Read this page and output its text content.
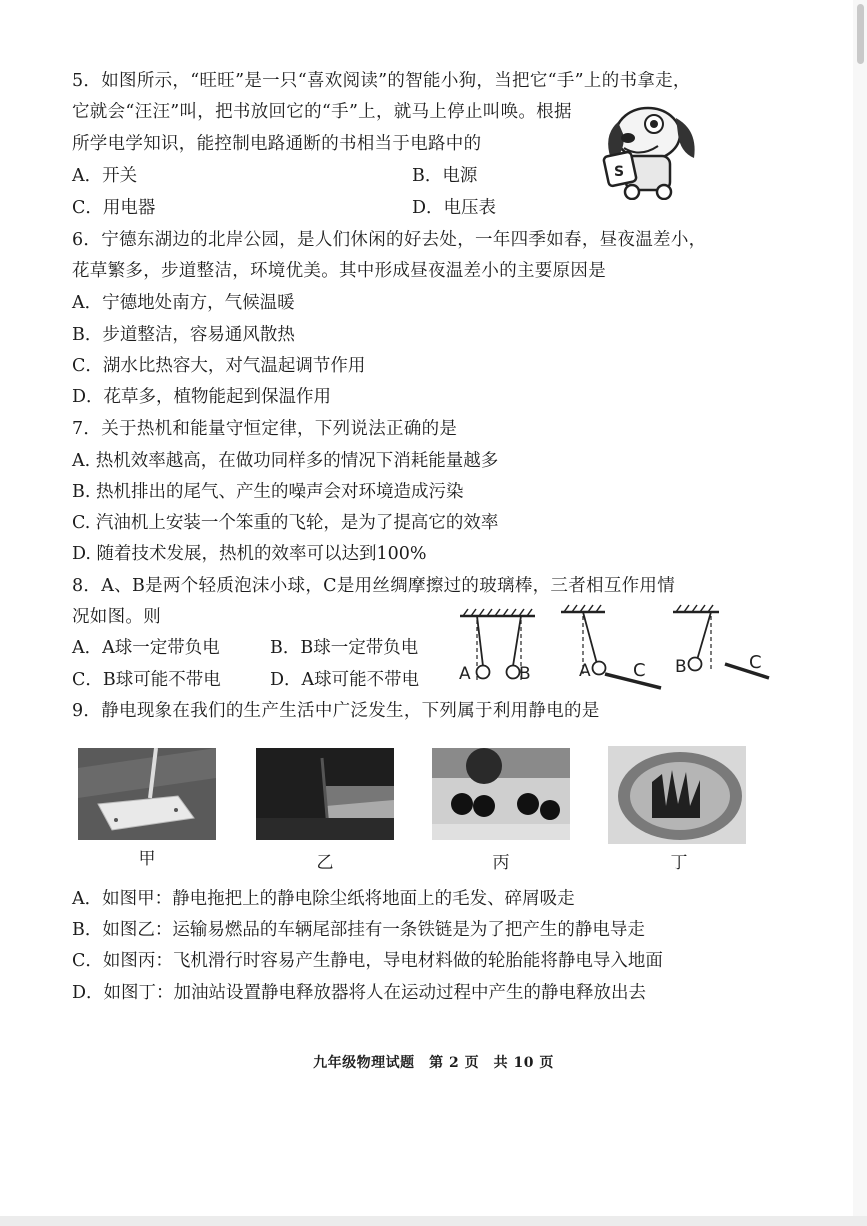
5．如图所示，“旺旺”是一只“喜欢阅读”的智能小狗，当把它“手”上的书拿走，
它就会“汪汪”叫，把书放回它的“手”上，就马上停止叫唤。根据
所学电学知识，能控制电路通断的书相当于电路中的
A．开关	B．电源
C．用电器	D．电压表
S
6．宁德东湖边的北岸公园，是人们休闲的好去处，一年四季如春，昼夜温差小，
花草繁多，步道整洁，环境优美。其中形成昼夜温差小的主要原因是
A．宁德地处南方，气候温暖
B．步道整洁，容易通风散热
C．湖水比热容大，对气温起调节作用
D．花草多，植物能起到保温作用
7．关于热机和能量守恒定律，下列说法正确的是
A. 热机效率越高，在做功同样多的情况下消耗能量越多
B. 热机排出的尾气、产生的噪声会对环境造成污染
C. 汽油机上安装一个笨重的飞轮，是为了提高它的效率
D. 随着技术发展，热机的效率可以达到100%
8．A、B是两个轻质泡沫小球，C是用丝绸摩擦过的玻璃棒，三者相互作用情
况如图。则
A．A球一定带负电	B．B球一定带负电
C．B球可能不带电	D．A球可能不带电 A	B	A C B	C
9．静电现象在我们的生产生活中广泛发生，下列属于利用静电的是
甲	乙	丙	丁
A．如图甲：静电拖把上的静电除尘纸将地面上的毛发、碎屑吸走
B．如图乙：运输易燃品的车辆尾部挂有一条铁链是为了把产生的静电导走
C．如图丙：飞机滑行时容易产生静电，导电材料做的轮胎能将静电导入地面
D．如图丁：加油站设置静电释放器将人在运动过程中产生的静电释放出去
九年级物理试题　第 2 页　共 10 页
